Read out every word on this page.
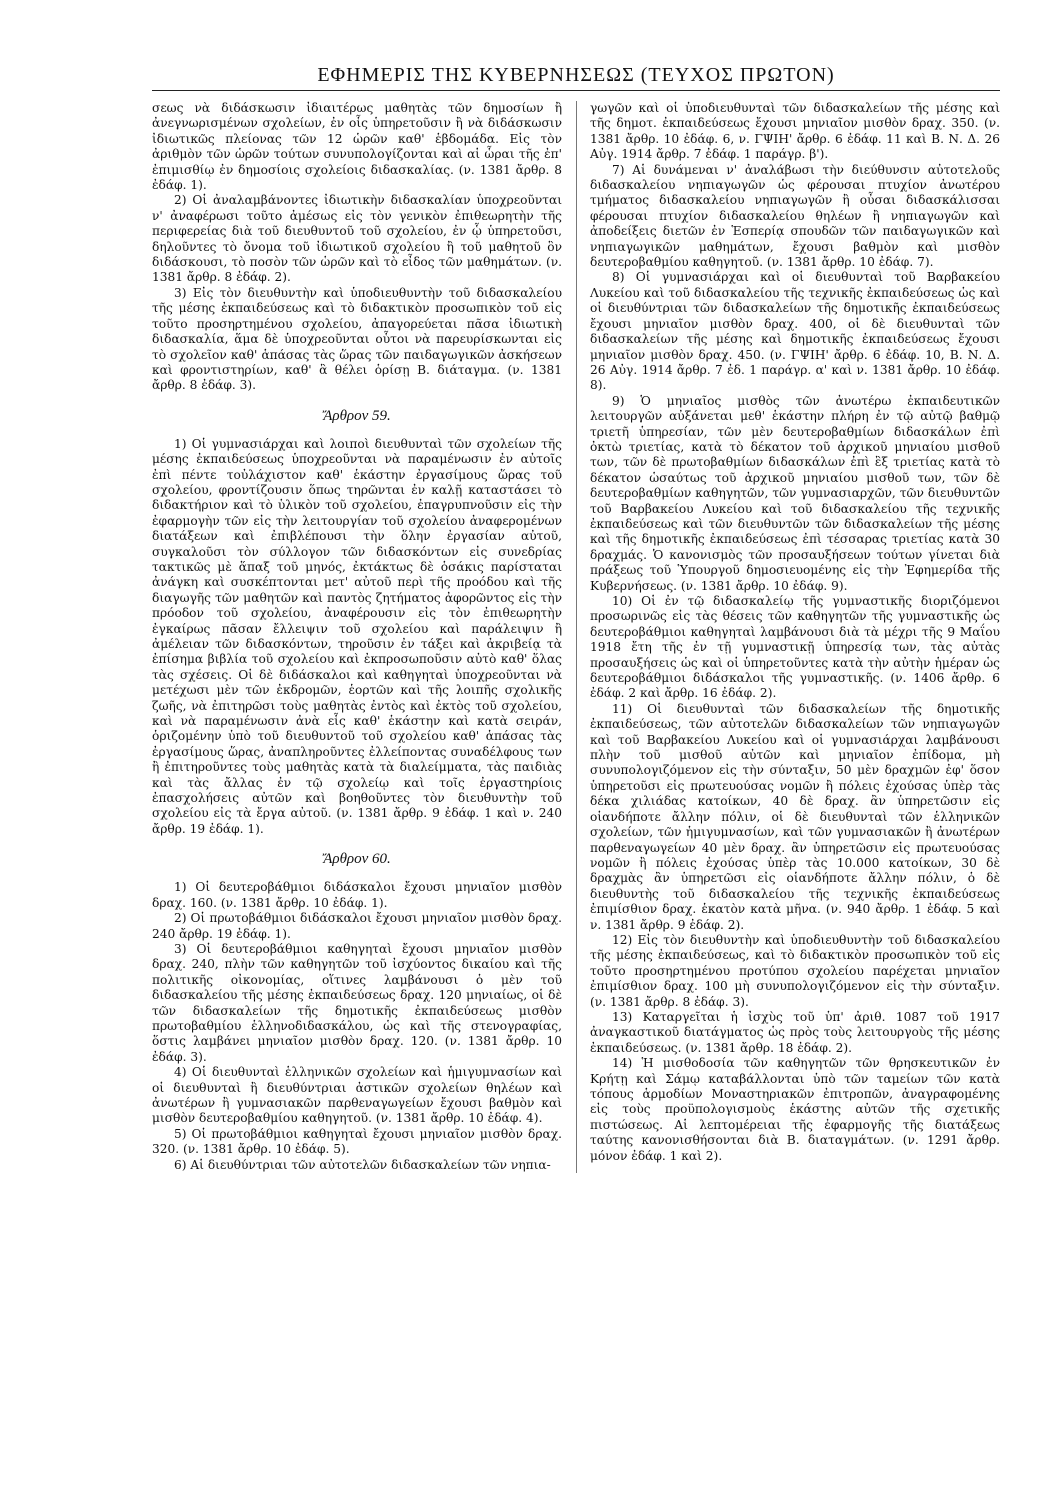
ΕΦΗΜΕΡΙΣ ΤΗΣ ΚΥΒΕΡΝΗΣΕΩΣ (ΤΕΥΧΟΣ ΠΡΩΤΟΝ)

σεως νὰ διδάσκωσιν ἰδιαιτέρως μαθητὰς τῶν δημοσίων ἢ ἀνεγνωρισμένων σχολείων, ἐν οἷς ὑπηρετοῦσιν ἢ νὰ διδάσκωσιν ἰδιωτικῶς πλείονας τῶν 12 ὡρῶν καθ' ἑβδομάδα. Εἰς τὸν ἀριθμὸν τῶν ὡρῶν τούτων συνυπολογίζονται καὶ αἱ ὧραι τῆς ἐπ' ἐπιμισθίῳ ἐν δημοσίοις σχολείοις διδασκαλίας. (ν. 1381 ἄρθρ. 8 ἐδάφ. 1).

2) Οἱ ἀναλαμβάνοντες ἰδιωτικὴν διδασκαλίαν ὑποχρεοῦνται ν' ἀναφέρωσι τοῦτο ἀμέσως εἰς τὸν γενικὸν ἐπιθεωρητὴν τῆς περιφερείας διὰ τοῦ διευθυντοῦ τοῦ σχολείου, ἐν ᾧ ὑπηρετοῦσι, δηλοῦντες τὸ ὄνομα τοῦ ἰδιωτικοῦ σχολείου ἢ τοῦ μαθητοῦ ὃν διδάσκουσι, τὸ ποσὸν τῶν ὡρῶν καὶ τὸ εἶδος τῶν μαθημάτων. (ν. 1381 ἄρθρ. 8 ἐδάφ. 2).

3) Εἰς τὸν διευθυντὴν καὶ ὑποδιευθυντὴν τοῦ διδασκαλείου τῆς μέσης ἐκπαιδεύσεως καὶ τὸ διδακτικὸν προσωπικὸν τοῦ εἰς τοῦτο προσηρτημένου σχολείου, ἀπαγορεύεται πᾶσα ἰδιωτικὴ διδασκαλία, ἅμα δὲ ὑποχρεοῦνται οὗτοι νὰ παρευρίσκωνται εἰς τὸ σχολεῖον καθ' ἁπάσας τὰς ὥρας τῶν παιδαγωγικῶν ἀσκήσεων καὶ φροντιστηρίων, καθ' ἃ θέλει ὁρίσῃ Β. διάταγμα. (ν. 1381 ἄρθρ. 8 ἐδάφ. 3).

Ἄρθρον 59.

1) Οἱ γυμνασιάρχαι καὶ λοιποὶ διευθυνταὶ τῶν σχολείων τῆς μέσης ἐκπαιδεύσεως ὑποχρεοῦνται νὰ παραμένωσιν ἐν αὐτοῖς ἐπὶ πέντε τοὐλάχιστον καθ' ἑκάστην ἐργασίμους ὥρας τοῦ σχολείου, φροντίζουσιν ὅπως τηρῶνται ἐν καλῇ καταστάσει τὸ διδακτήριον καὶ τὸ ὑλικὸν τοῦ σχολείου, ἐπαγρυπνοῦσιν εἰς τὴν ἐφαρμογὴν τῶν εἰς τὴν λειτουργίαν τοῦ σχολείου ἀναφερομένων διατάξεων καὶ ἐπιβλέπουσι τὴν ὅλην ἐργασίαν αὐτοῦ, συγκαλοῦσι τὸν σύλλογον τῶν διδασκόντων εἰς συνεδρίας τακτικῶς μὲ ἅπαξ τοῦ μηνός, ἐκτάκτως δὲ ὁσάκις παρίσταται ἀνάγκη καὶ συσκέπτονται μετ' αὐτοῦ περὶ τῆς προόδου καὶ τῆς διαγωγῆς τῶν μαθητῶν καὶ παντὸς ζητήματος ἀφορῶντος εἰς τὴν πρόοδον τοῦ σχολείου, ἀναφέρουσιν εἰς τὸν ἐπιθεωρητὴν ἐγκαίρως πᾶσαν ἔλλειψιν τοῦ σχολείου καὶ παράλειψιν ἢ ἀμέλειαν τῶν διδασκόντων, τηροῦσιν ἐν τάξει καὶ ἀκριβείᾳ τὰ ἐπίσημα βιβλία τοῦ σχολείου καὶ ἐκπροσωποῦσιν αὐτὸ καθ' ὅλας τὰς σχέσεις. Οἱ δὲ διδάσκαλοι καὶ καθηγηταὶ ὑποχρεοῦνται νὰ μετέχωσι μὲν τῶν ἐκδρομῶν, ἑορτῶν καὶ τῆς λοιπῆς σχολικῆς ζωῆς, νὰ ἐπιτηρῶσι τοὺς μαθητὰς ἐντὸς καὶ ἐκτὸς τοῦ σχολείου, καὶ νὰ παραμένωσιν ἀνὰ εἷς καθ' ἑκάστην καὶ κατὰ σειράν, ὁριζομένην ὑπὸ τοῦ διευθυντοῦ τοῦ σχολείου καθ' ἁπάσας τὰς ἐργασίμους ὥρας, ἀναπληροῦντες ἐλλείποντας συναδέλφους των ἢ ἐπιτηροῦντες τοὺς μαθητὰς κατὰ τὰ διαλείμματα, τὰς παιδιὰς καὶ τὰς ἄλλας ἐν τῷ σχολείῳ καὶ τοῖς ἐργαστηρίοις ἐπασχολήσεις αὐτῶν καὶ βοηθοῦντες τὸν διευθυντὴν τοῦ σχολείου εἰς τὰ ἔργα αὐτοῦ. (ν. 1381 ἄρθρ. 9 ἐδάφ. 1 καὶ ν. 240 ἄρθρ. 19 ἐδάφ. 1).

Ἄρθρον 60.

1) Οἱ δευτεροβάθμιοι διδάσκαλοι ἔχουσι μηνιαῖον μισθὸν δραχ. 160. (ν. 1381 ἄρθρ. 10 ἐδάφ. 1).

2) Οἱ πρωτοβάθμιοι διδάσκαλοι ἔχουσι μηνιαῖον μισθὸν δραχ. 240 ἄρθρ. 19 ἐδάφ. 1).

3) Οἱ δευτεροβάθμιοι καθηγηταὶ ἔχουσι μηνιαῖον μισθὸν δραχ. 240, πλὴν τῶν καθηγητῶν τοῦ ἰσχύοντος δικαίου καὶ τῆς πολιτικῆς οἰκονομίας, οἵτινες λαμβάνουσι ὁ μὲν τοῦ διδασκαλείου τῆς μέσης ἐκπαιδεύσεως δραχ. 120 μηνιαίως, οἱ δὲ τῶν διδασκαλείων τῆς δημοτικῆς ἐκπαιδεύσεως μισθὸν πρωτοβαθμίου ἑλληνοδιδασκάλου, ὡς καὶ τῆς στενογραφίας, ὅστις λαμβάνει μηνιαῖον μισθὸν δραχ. 120. (ν. 1381 ἄρθρ. 10 ἐδάφ. 3).

4) Οἱ διευθυνταὶ ἑλληνικῶν σχολείων καὶ ἡμιγυμνασίων καὶ οἱ διευθυνταὶ ἢ διευθύντριαι ἀστικῶν σχολείων θηλέων καὶ ἀνωτέρων ἢ γυμνασιακῶν παρθεναγωγείων ἔχουσι βαθμὸν καὶ μισθὸν δευτεροβαθμίου καθηγητοῦ. (ν. 1381 ἄρθρ. 10 ἐδάφ. 4).

5) Οἱ πρωτοβάθμιοι καθηγηταὶ ἔχουσι μηνιαῖον μισθὸν δραχ. 320. (ν. 1381 ἄρθρ. 10 ἐδάφ. 5).

6) Αἱ διευθύντριαι τῶν αὐτοτελῶν διδασκαλείων τῶν νηπια-

γωγῶν καὶ οἱ ὑποδιευθυνταὶ τῶν διδασκαλείων τῆς μέσης καὶ τῆς δημοτ. ἐκπαιδεύσεως ἔχουσι μηνιαῖον μισθὸν δραχ. 350. (ν. 1381 ἄρθρ. 10 ἐδάφ. 6, ν. ΓΨΙΗ' ἄρθρ. 6 ἐδάφ. 11 καὶ Β. Ν. Δ. 26 Αὐγ. 1914 ἄρθρ. 7 ἐδάφ. 1 παράγρ. β').

7) Αἱ δυνάμεναι ν' ἀναλάβωσι τὴν διεύθυνσιν αὐτοτελοῦς διδασκαλείου νηπιαγωγῶν ὡς φέρουσαι πτυχίον ἀνωτέρου τμήματος διδασκαλείου νηπιαγωγῶν ἢ οὖσαι διδασκάλισσαι φέρουσαι πτυχίον διδασκαλείου θηλέων ἢ νηπιαγωγῶν καὶ ἀποδείξεις διετῶν ἐν Ἑσπερίᾳ σπουδῶν τῶν παιδαγωγικῶν καὶ νηπιαγωγικῶν μαθημάτων, ἔχουσι βαθμὸν καὶ μισθὸν δευτεροβαθμίου καθηγητοῦ. (ν. 1381 ἄρθρ. 10 ἐδάφ. 7).

8) Οἱ γυμνασιάρχαι καὶ οἱ διευθυνταὶ τοῦ Βαρβακείου Λυκείου καὶ τοῦ διδασκαλείου τῆς τεχνικῆς ἐκπαιδεύσεως ὡς καὶ οἱ διευθύντριαι τῶν διδασκαλείων τῆς δημοτικῆς ἐκπαιδεύσεως ἔχουσι μηνιαῖον μισθὸν δραχ. 400, οἱ δὲ διευθυνταὶ τῶν διδασκαλείων τῆς μέσης καὶ δημοτικῆς ἐκπαιδεύσεως ἔχουσι μηνιαῖον μισθὸν δραχ. 450. (ν. ΓΨΙΗ' ἄρθρ. 6 ἐδάφ. 10, Β. Ν. Δ. 26 Αὐγ. 1914 ἄρθρ. 7 ἐδ. 1 παράγρ. α' καὶ ν. 1381 ἄρθρ. 10 ἐδάφ. 8).

9) Ὁ μηνιαῖος μισθὸς τῶν ἀνωτέρω ἐκπαιδευτικῶν λειτουργῶν αὐξάνεται μεθ' ἑκάστην πλήρη ἐν τῷ αὐτῷ βαθμῷ τριετῆ ὑπηρεσίαν, τῶν μὲν δευτεροβαθμίων διδασκάλων ἐπὶ ὀκτὼ τριετίας, κατὰ τὸ δέκατον τοῦ ἀρχικοῦ μηνιαίου μισθοῦ των, τῶν δὲ πρωτοβαθμίων διδασκάλων ἐπὶ ἓξ τριετίας κατὰ τὸ δέκατον ὡσαύτως τοῦ ἀρχικοῦ μηνιαίου μισθοῦ των, τῶν δὲ δευτεροβαθμίων καθηγητῶν, τῶν γυμνασιαρχῶν, τῶν διευθυντῶν τοῦ Βαρβακείου Λυκείου καὶ τοῦ διδασκαλείου τῆς τεχνικῆς ἐκπαιδεύσεως καὶ τῶν διευθυντῶν τῶν διδασκαλείων τῆς μέσης καὶ τῆς δημοτικῆς ἐκπαιδεύσεως ἐπὶ τέσσαρας τριετίας κατὰ 30 δραχμάς. Ὁ κανονισμὸς τῶν προσαυξήσεων τούτων γίνεται διὰ πράξεως τοῦ Ὑπουργοῦ δημοσιευομένης εἰς τὴν Ἐφημερίδα τῆς Κυβερνήσεως. (ν. 1381 ἄρθρ. 10 ἐδάφ. 9).

10) Οἱ ἐν τῷ διδασκαλείῳ τῆς γυμναστικῆς διοριζόμενοι προσωρινῶς εἰς τὰς θέσεις τῶν καθηγητῶν τῆς γυμναστικῆς ὡς δευτεροβάθμιοι καθηγηταὶ λαμβάνουσι διὰ τὰ μέχρι τῆς 9 Μαΐου 1918 ἔτη τῆς ἐν τῇ γυμναστικῇ ὑπηρεσίᾳ των, τὰς αὐτὰς προσαυξήσεις ὡς καὶ οἱ ὑπηρετοῦντες κατὰ τὴν αὐτὴν ἡμέραν ὡς δευτεροβάθμιοι διδάσκαλοι τῆς γυμναστικῆς. (ν. 1406 ἄρθρ. 6 ἐδάφ. 2 καὶ ἄρθρ. 16 ἐδάφ. 2).

11) Οἱ διευθυνταὶ τῶν διδασκαλείων τῆς δημοτικῆς ἐκπαιδεύσεως, τῶν αὐτοτελῶν διδασκαλείων τῶν νηπιαγωγῶν καὶ τοῦ Βαρβακείου Λυκείου καὶ οἱ γυμνασιάρχαι λαμβάνουσι πλὴν τοῦ μισθοῦ αὐτῶν καὶ μηνιαῖον ἐπίδομα, μὴ συνυπολογιζόμενον εἰς τὴν σύνταξιν, 50 μὲν δραχμῶν ἐφ' ὅσον ὑπηρετοῦσι εἰς πρωτευούσας νομῶν ἢ πόλεις ἐχούσας ὑπὲρ τὰς δέκα χιλιάδας κατοίκων, 40 δὲ δραχ. ἂν ὑπηρετῶσιν εἰς οἱανδήποτε ἄλλην πόλιν, οἱ δὲ διευθυνταὶ τῶν ἑλληνικῶν σχολείων, τῶν ἡμιγυμνασίων, καὶ τῶν γυμνασιακῶν ἢ ἀνωτέρων παρθεναγωγείων 40 μὲν δραχ. ἂν ὑπηρετῶσιν εἰς πρωτευούσας νομῶν ἢ πόλεις ἐχούσας ὑπὲρ τὰς 10.000 κατοίκων, 30 δὲ δραχμὰς ἂν ὑπηρετῶσι εἰς οἱανδήποτε ἄλλην πόλιν, ὁ δὲ διευθυντὴς τοῦ διδασκαλείου τῆς τεχνικῆς ἐκπαιδεύσεως ἐπιμίσθιον δραχ. ἑκατὸν κατὰ μῆνα. (ν. 940 ἄρθρ. 1 ἐδάφ. 5 καὶ ν. 1381 ἄρθρ. 9 ἐδάφ. 2).

12) Εἰς τὸν διευθυντὴν καὶ ὑποδιευθυντὴν τοῦ διδασκαλείου τῆς μέσης ἐκπαιδεύσεως, καὶ τὸ διδακτικὸν προσωπικὸν τοῦ εἰς τοῦτο προσηρτημένου προτύπου σχολείου παρέχεται μηνιαῖον ἐπιμίσθιον δραχ. 100 μὴ συνυπολογιζόμενον εἰς τὴν σύνταξιν. (ν. 1381 ἄρθρ. 8 ἐδάφ. 3).

13) Καταργεῖται ἡ ἰσχὺς τοῦ ὑπ' ἀριθ. 1087 τοῦ 1917 ἀναγκαστικοῦ διατάγματος ὡς πρὸς τοὺς λειτουργοὺς τῆς μέσης ἐκπαιδεύσεως. (ν. 1381 ἄρθρ. 18 ἐδάφ. 2).

14) Ἡ μισθοδοσία τῶν καθηγητῶν τῶν θρησκευτικῶν ἐν Κρήτῃ καὶ Σάμῳ καταβάλλονται ὑπὸ τῶν ταμείων τῶν κατὰ τόπους ἁρμοδίων Μοναστηριακῶν ἐπιτροπῶν, ἀναγραφομένης εἰς τοὺς προϋπολογισμοὺς ἑκάστης αὐτῶν τῆς σχετικῆς πιστώσεως. Αἱ λεπτομέρειαι τῆς ἐφαρμογῆς τῆς διατάξεως ταύτης κανονισθήσονται διὰ Β. διαταγμάτων. (ν. 1291 ἄρθρ. μόνον ἐδάφ. 1 καὶ 2).
